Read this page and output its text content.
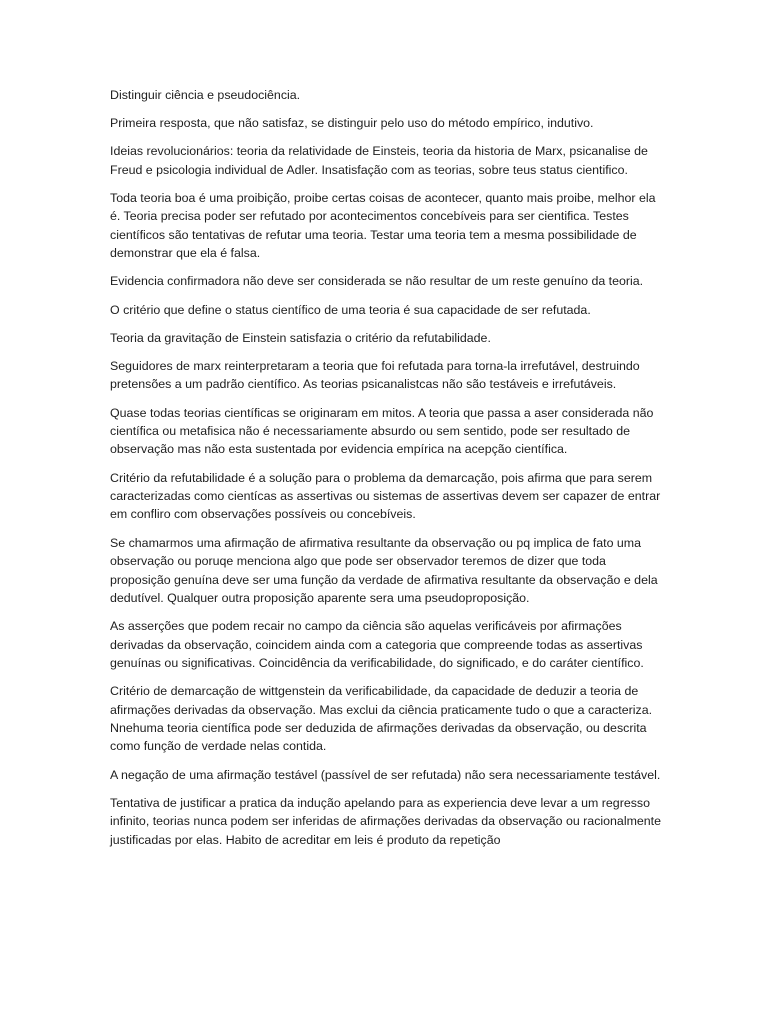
Distinguir ciência e pseudociência.

Primeira resposta, que não satisfaz, se distinguir pelo uso do método empírico, indutivo.

Ideias revolucionários: teoria da relatividade de Einsteis, teoria da historia de Marx, psicanalise de Freud e psicologia individual de Adler. Insatisfação com as teorias, sobre teus status cientifico.

Toda teoria boa é uma proibição, proibe certas coisas de acontecer, quanto mais proibe, melhor ela é. Teoria precisa poder ser refutado por acontecimentos concebíveis para ser cientifica. Testes científicos são tentativas de refutar uma teoria. Testar uma teoria tem a mesma possibilidade de demonstrar que ela é falsa.

Evidencia confirmadora não deve ser considerada se não resultar de um reste genuíno da teoria.

O critério que define o status científico de uma teoria é sua capacidade de ser refutada.

Teoria da gravitação de Einstein satisfazia o critério da refutabilidade.

Seguidores de marx reinterpretaram a teoria que foi refutada para torna-la irrefutável, destruindo pretensões a um padrão científico. As teorias psicanalistcas não são testáveis e irrefutáveis.

Quase todas teorias científicas se originaram em mitos. A teoria que passa a aser considerada não científica ou metafisica não é necessariamente absurdo ou sem sentido, pode ser resultado de observação mas não esta sustentada por evidencia empírica na acepção científica.

Critério da refutabilidade é a solução para o problema da demarcação, pois afirma que para serem caracterizadas como cientícas as assertivas ou sistemas de assertivas devem ser capazer de entrar em confliro com observações possíveis ou concebíveis.

Se chamarmos uma afirmação de afirmativa resultante da observação ou pq implica de fato uma observação ou poruqe menciona algo que pode ser observador teremos de dizer que toda proposição genuína deve ser uma função da verdade de afirmativa resultante da observação e dela dedutível. Qualquer outra proposição aparente sera uma pseudoproposição.

As asserções que podem recair no campo da ciência são aquelas verificáveis por afirmações derivadas da observação, coincidem ainda com a categoria que compreende todas as assertivas genuínas ou significativas. Coincidência da verificabilidade, do significado, e do caráter científico.

Critério de demarcação de wittgenstein da verificabilidade, da capacidade de deduzir a teoria de afirmações derivadas da observação. Mas exclui da ciência praticamente tudo o que a caracteriza. Nnehuma teoria científica pode ser deduzida de afirmações derivadas da observação, ou descrita como função de verdade nelas contida.

A negação de uma afirmação testável (passível de ser refutada) não sera necessariamente testável.

Tentativa de justificar a pratica da indução apelando para as experiencia deve levar a um regresso infinito, teorias nunca podem ser inferidas de afirmações derivadas da observação ou racionalmente justificadas por elas. Habito de acreditar em leis é produto da repetição
